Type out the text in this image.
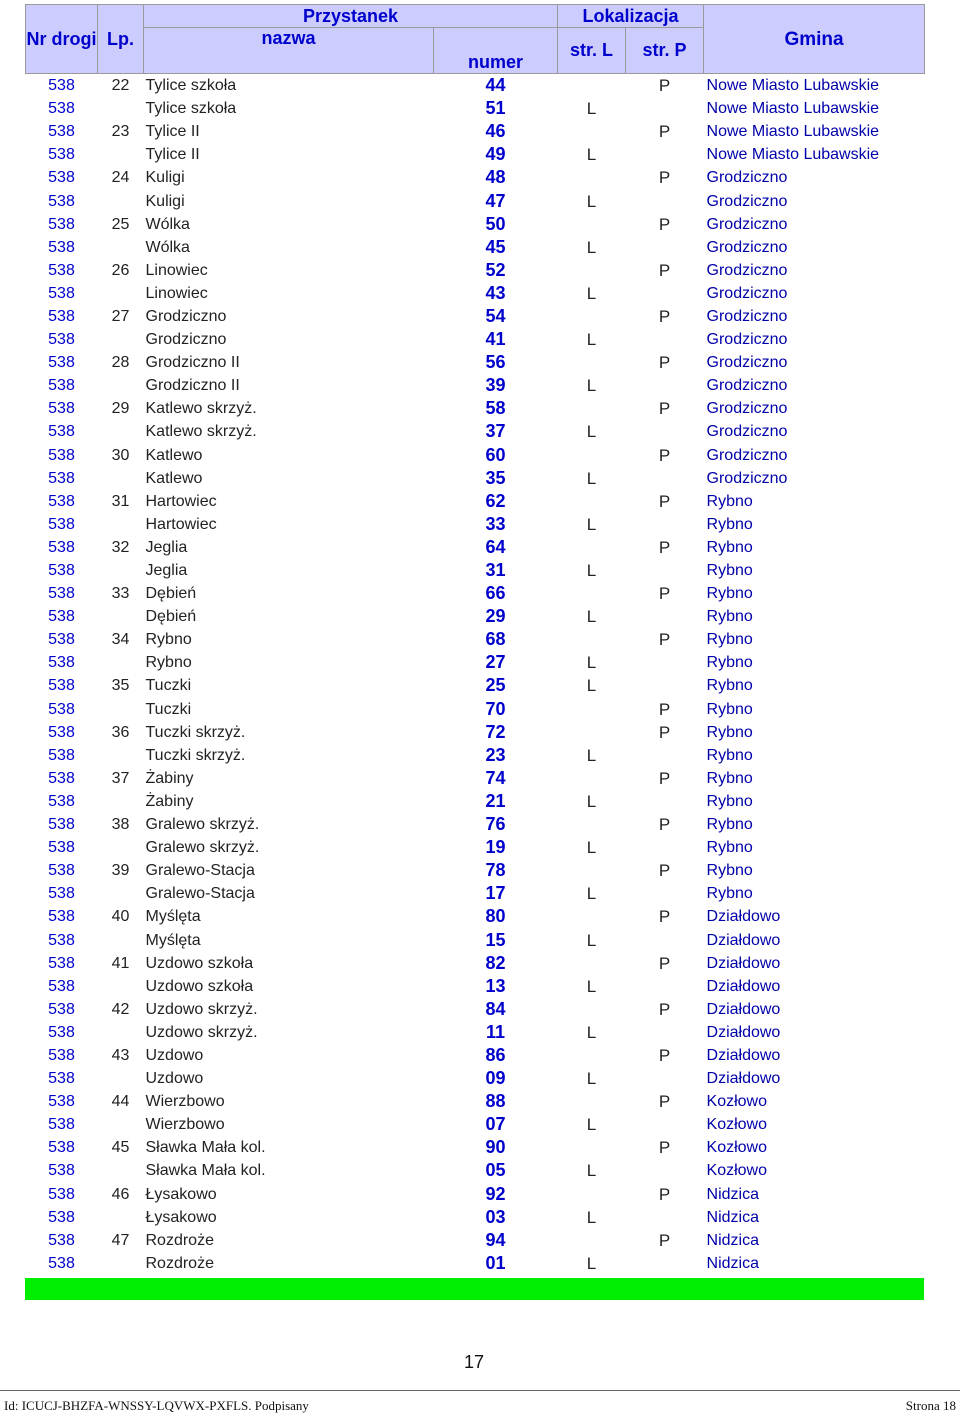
Nr drogi	Lp.	Przystanek		Lokalizacja		Gmina
		nazwa	numer	str. L	str. P	
538	22	Tylice szkoła	44		P	Nowe Miasto Lubawskie
538		Tylice szkoła	51	L		Nowe Miasto Lubawskie
538	23	Tylice II	46		P	Nowe Miasto Lubawskie
538		Tylice II	49	L		Nowe Miasto Lubawskie
538	24	Kuligi	48		P	Grodziczno
538		Kuligi	47	L		Grodziczno
538	25	Wólka	50		P	Grodziczno
538		Wólka	45	L		Grodziczno
538	26	Linowiec	52		P	Grodziczno
538		Linowiec	43	L		Grodziczno
538	27	Grodziczno	54		P	Grodziczno
538		Grodziczno	41	L		Grodziczno
538	28	Grodziczno II	56		P	Grodziczno
538		Grodziczno II	39	L		Grodziczno
538	29	Katlewo skrzyż.	58		P	Grodziczno
538		Katlewo skrzyż.	37	L		Grodziczno
538	30	Katlewo	60		P	Grodziczno
538		Katlewo	35	L		Grodziczno
538	31	Hartowiec	62		P	Rybno
538		Hartowiec	33	L		Rybno
538	32	Jeglia	64		P	Rybno
538		Jeglia	31	L		Rybno
538	33	Dębień	66		P	Rybno
538		Dębień	29	L		Rybno
538	34	Rybno	68		P	Rybno
538		Rybno	27	L		Rybno
538	35	Tuczki	25	L		Rybno
538		Tuczki	70		P	Rybno
538	36	Tuczki skrzyż.	72		P	Rybno
538		Tuczki skrzyż.	23	L		Rybno
538	37	Żabiny	74		P	Rybno
538		Żabiny	21	L		Rybno
538	38	Gralewo skrzyż.	76		P	Rybno
538		Gralewo skrzyż.	19	L		Rybno
538	39	Gralewo-Stacja	78		P	Rybno
538		Gralewo-Stacja	17	L		Rybno
538	40	Myślęta	80		P	Działdowo
538		Myślęta	15	L		Działdowo
538	41	Uzdowo szkoła	82		P	Działdowo
538		Uzdowo szkoła	13	L		Działdowo
538	42	Uzdowo skrzyż.	84		P	Działdowo
538		Uzdowo skrzyż.	11	L		Działdowo
538	43	Uzdowo	86		P	Działdowo
538		Uzdowo	09	L		Działdowo
538	44	Wierzbowo	88		P	Kozłowo
538		Wierzbowo	07	L		Kozłowo
538	45	Sławka Mała kol.	90		P	Kozłowo
538		Sławka Mała kol.	05	L		Kozłowo
538	46	Łysakowo	92		P	Nidzica
538		Łysakowo	03	L		Nidzica
538	47	Rozdroże	94		P	Nidzica
538		Rozdroże	01	L		Nidzica
17
Id: ICUCJ-BHZFA-WNSSY-LQVWX-PXFLS. Podpisany	Strona 18
